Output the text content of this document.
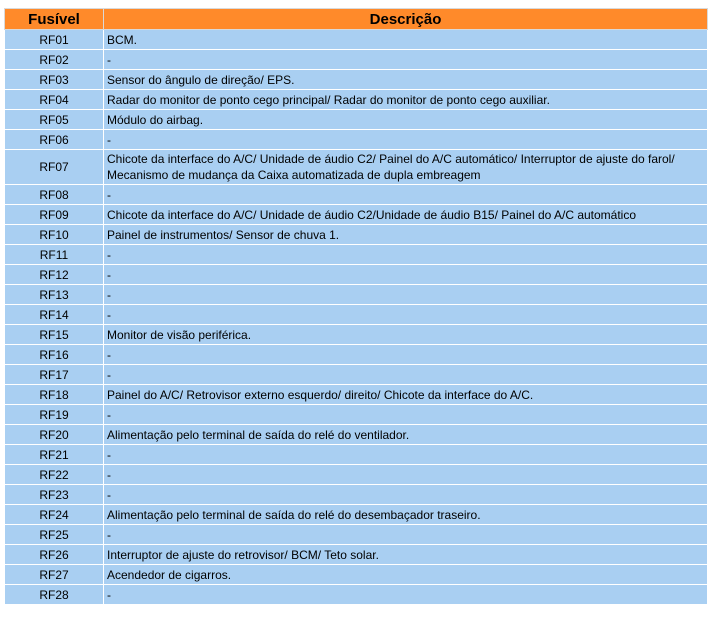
Fusível	Descrição
RF01	BCM.
RF02	-
RF03	Sensor do ângulo de direção/ EPS.
RF04	Radar do monitor de ponto cego principal/ Radar do monitor de ponto cego auxiliar.
RF05	Módulo do airbag.
RF06	-
RF07	Chicote da interface do A/C/ Unidade de áudio C2/ Painel do A/C automático/ Interruptor de ajuste do farol/ Mecanismo de mudança da Caixa automatizada de dupla embreagem
RF08	-
RF09	Chicote da interface do A/C/ Unidade de áudio C2/Unidade de áudio B15/ Painel do A/C automático
RF10	Painel de instrumentos/ Sensor de chuva 1.
RF11	-
RF12	-
RF13	-
RF14	-
RF15	Monitor de visão periférica.
RF16	-
RF17	-
RF18	Painel do A/C/ Retrovisor externo esquerdo/ direito/ Chicote da interface do A/C.
RF19	-
RF20	Alimentação pelo terminal de saída do relé do ventilador.
RF21	-
RF22	-
RF23	-
RF24	Alimentação pelo terminal de saída do relé do desembaçador traseiro.
RF25	-
RF26	Interruptor de ajuste do retrovisor/ BCM/ Teto solar.
RF27	Acendedor de cigarros.
RF28	-
